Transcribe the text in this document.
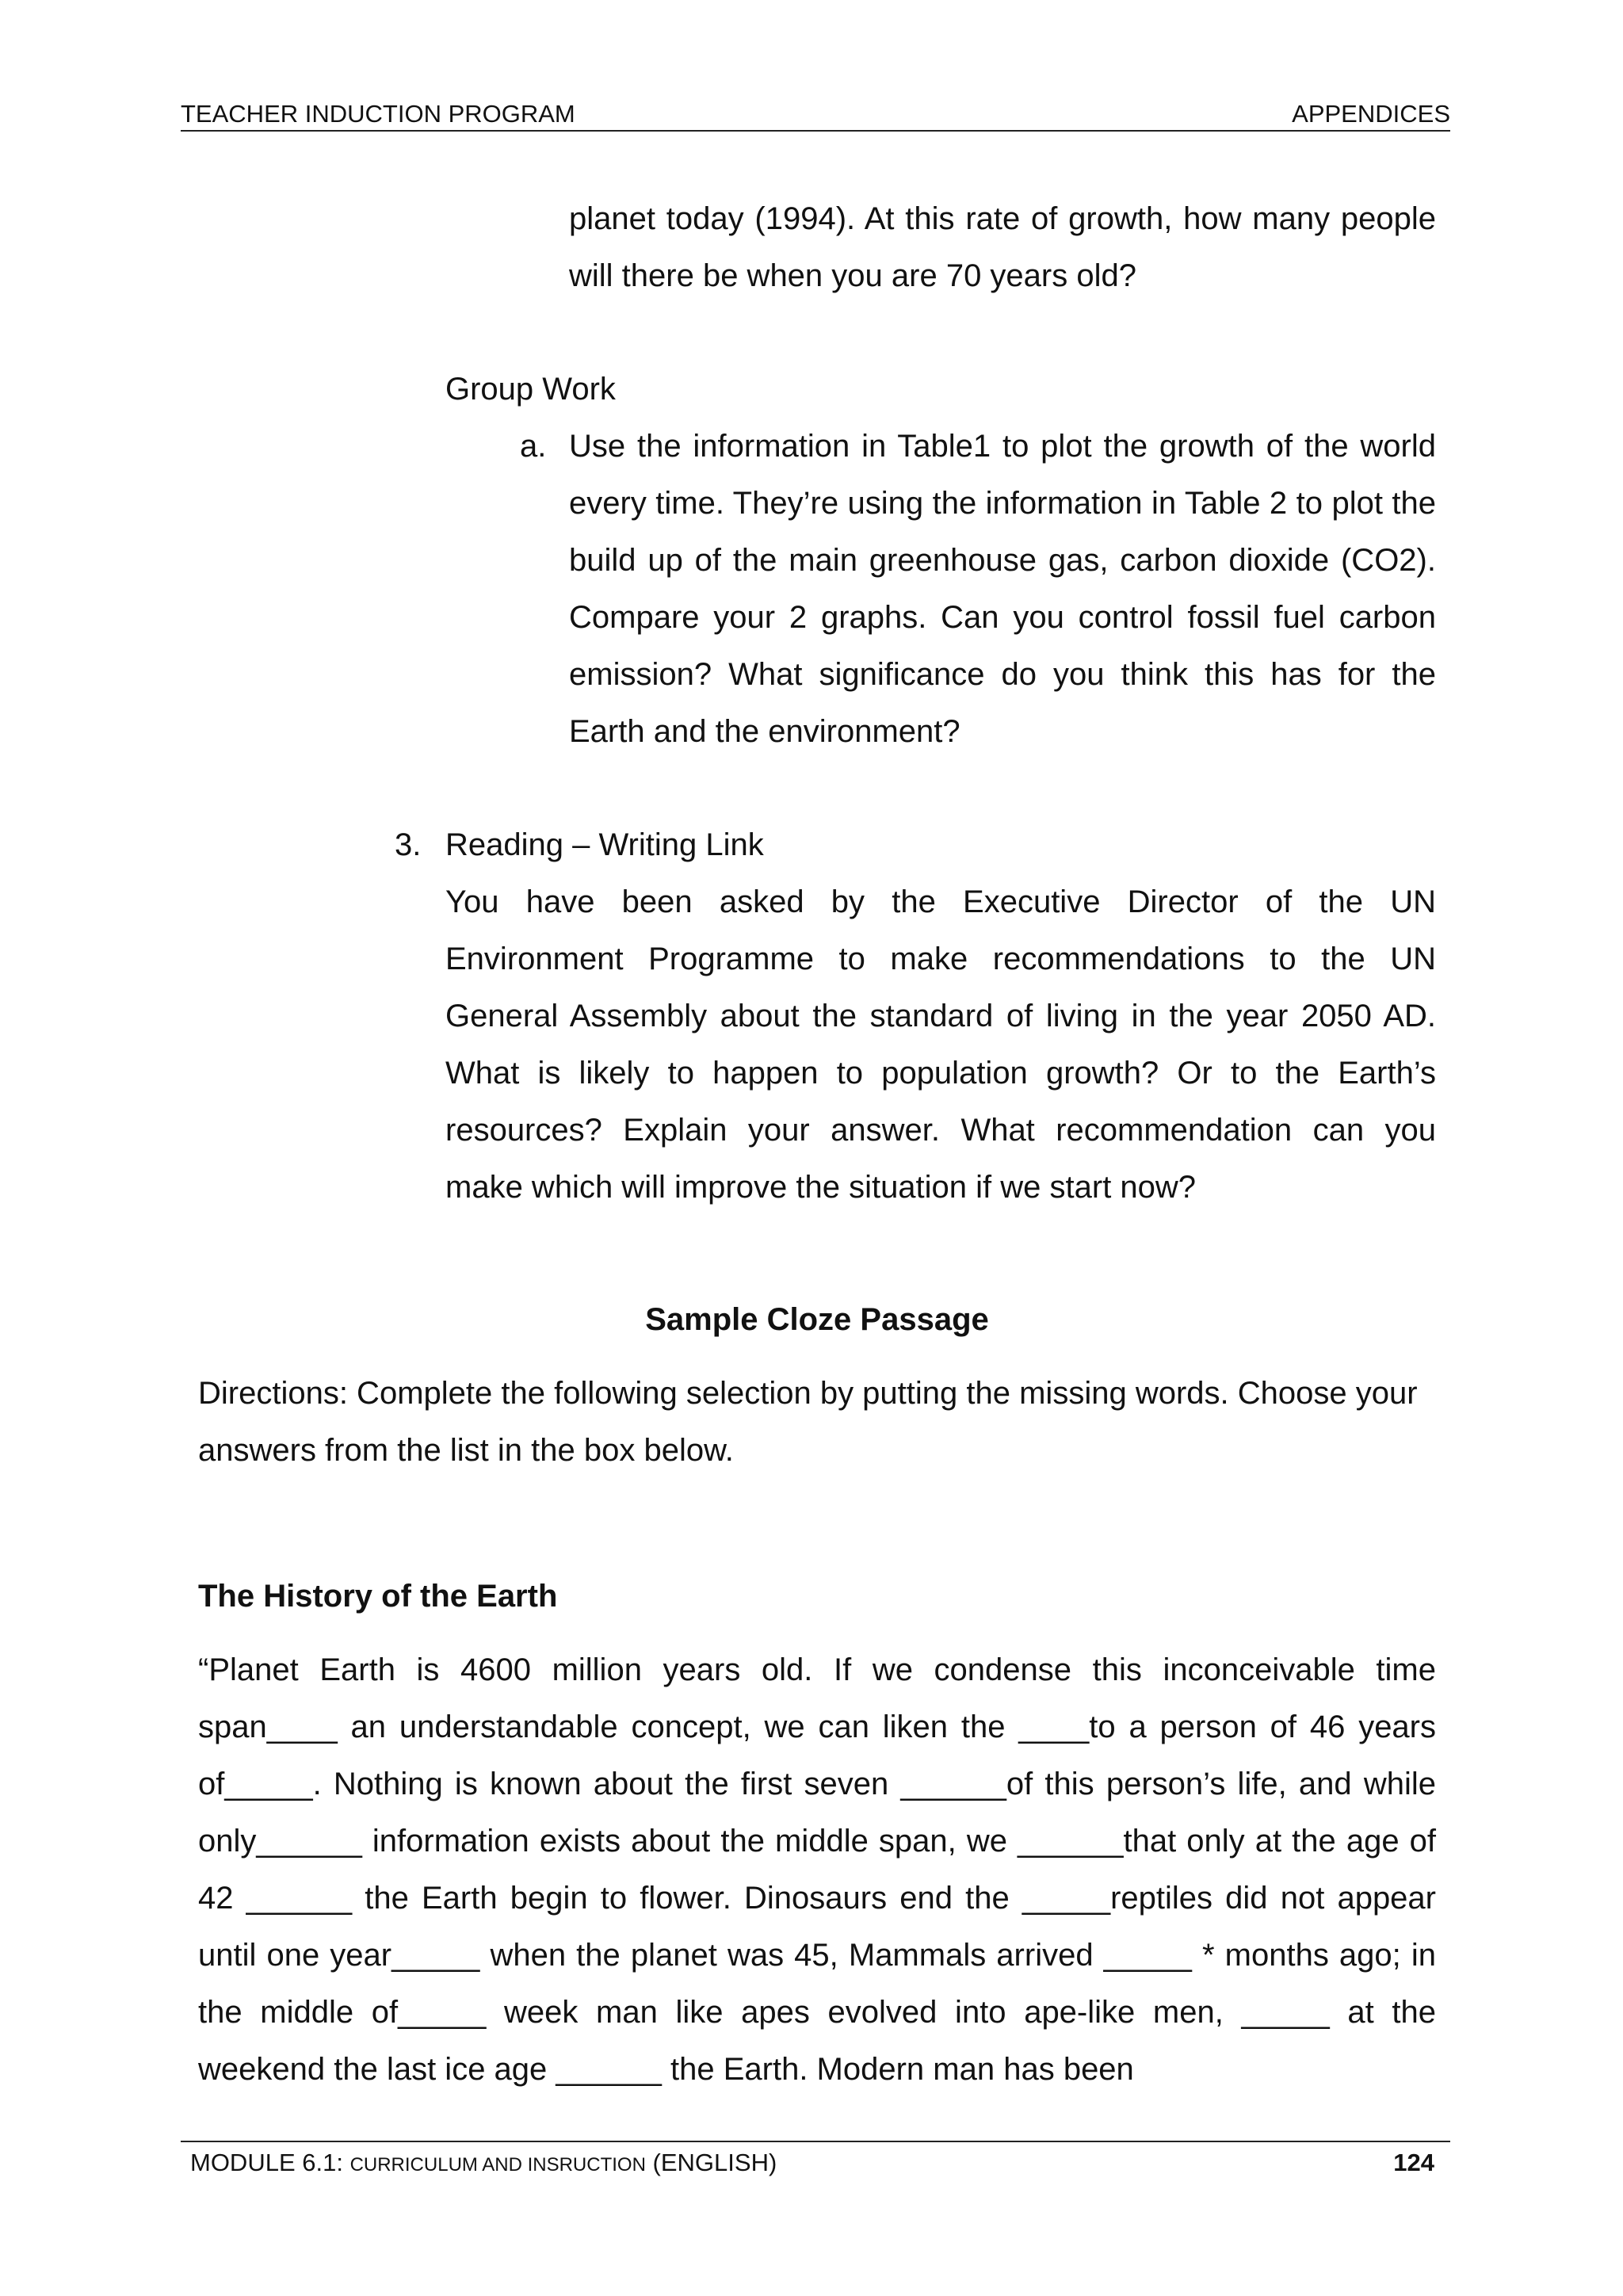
TEACHER INDUCTION PROGRAM	APPENDICES

planet today (1994). At this rate of growth, how many people will there be when you are 70 years old?

Group Work

a. Use the information in Table1 to plot the growth of the world every time. They’re using the information in Table 2 to plot the build up of the main greenhouse gas, carbon dioxide (CO2). Compare your 2 graphs. Can you control fossil fuel carbon emission? What significance do you think this has for the Earth and the environment?

3. Reading – Writing Link

You have been asked by the Executive Director of the UN Environment Programme to make recommendations to the UN General Assembly about the standard of living in the year 2050 AD. What is likely to happen to population growth? Or to the Earth’s resources? Explain your answer. What recommendation can you make which will improve the situation if we start now?

Sample Cloze Passage

Directions: Complete the following selection by putting the missing words. Choose your answers from the list in the box below.

The History of the Earth

“Planet Earth is 4600 million years old. If we condense this inconceivable time span____ an understandable concept, we can liken the ____to a person of 46 years of_____. Nothing is known about the first seven ______of this person’s life, and while only______ information exists about the middle span, we ______that only at the age of 42 ______ the Earth begin to flower. Dinosaurs end the _____reptiles did not appear until one year_____ when the planet was 45, Mammals arrived _____ * months ago; in the middle of_____ week man like apes evolved into ape-like men, _____ at the weekend the last ice age ______ the Earth. Modern man has been

MODULE 6.1: CURRICULUM AND INSRUCTION (ENGLISH)	124
